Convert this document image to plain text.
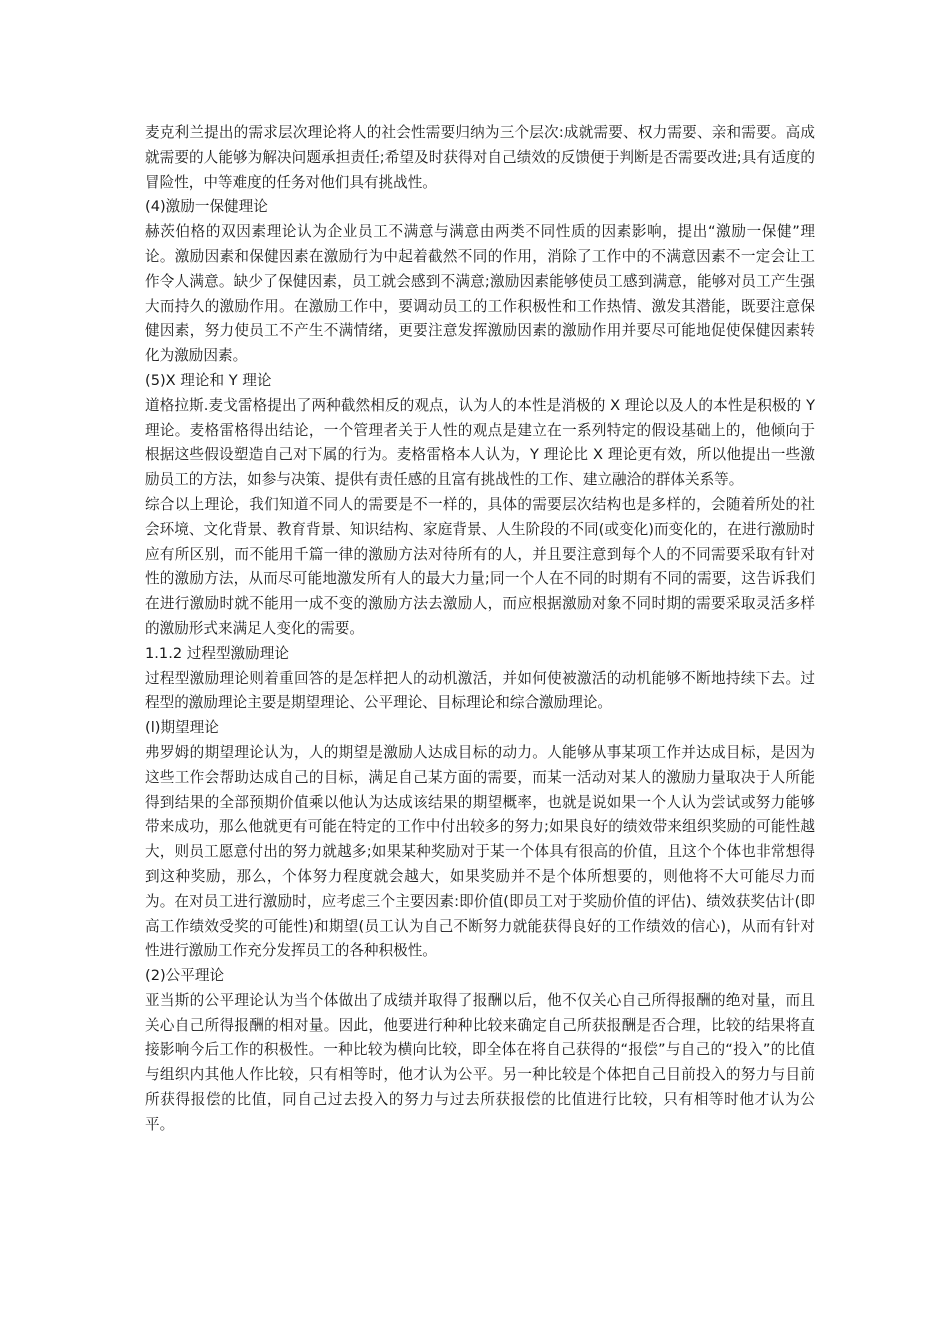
麦克利兰提出的需求层次理论将人的社会性需要归纳为三个层次:成就需要、权力需要、亲和需要。高成就需要的人能够为解决问题承担责任;希望及时获得对自己绩效的反馈便于判断是否需要改进;具有适度的冒险性，中等难度的任务对他们具有挑战性。

(4)激励一保健理论

赫茨伯格的双因素理论认为企业员工不满意与满意由两类不同性质的因素影响，提出“激励一保健”理论。激励因素和保健因素在激励行为中起着截然不同的作用，消除了工作中的不满意因素不一定会让工作令人满意。缺少了保健因素，员工就会感到不满意;激励因素能够使员工感到满意，能够对员工产生强大而持久的激励作用。在激励工作中，要调动员工的工作积极性和工作热情、激发其潜能，既要注意保健因素，努力使员工不产生不满情绪，更要注意发挥激励因素的激励作用并要尽可能地促使保健因素转化为激励因素。

(5)X 理论和 Y 理论

道格拉斯.麦戈雷格提出了两种截然相反的观点，认为人的本性是消极的 X 理论以及人的本性是积极的 Y 理论。麦格雷格得出结论，一个管理者关于人性的观点是建立在一系列特定的假设基础上的，他倾向于根据这些假设塑造自己对下属的行为。麦格雷格本人认为，Y 理论比 X 理论更有效，所以他提出一些激励员工的方法，如参与决策、提供有责任感的且富有挑战性的工作、建立融洽的群体关系等。

综合以上理论，我们知道不同人的需要是不一样的，具体的需要层次结构也是多样的，会随着所处的社会环境、文化背景、教育背景、知识结构、家庭背景、人生阶段的不同(或变化)而变化的，在进行激励时应有所区别，而不能用千篇一律的激励方法对待所有的人，并且要注意到每个人的不同需要采取有针对性的激励方法，从而尽可能地激发所有人的最大力量;同一个人在不同的时期有不同的需要，这告诉我们在进行激励时就不能用一成不变的激励方法去激励人，而应根据激励对象不同时期的需要采取灵活多样的激励形式来满足人变化的需要。

1.1.2 过程型激励理论

过程型激励理论则着重回答的是怎样把人的动机激活，并如何使被激活的动机能够不断地持续下去。过程型的激励理论主要是期望理论、公平理论、目标理论和综合激励理论。

(l)期望理论

弗罗姆的期望理论认为，人的期望是激励人达成目标的动力。人能够从事某项工作并达成目标，是因为这些工作会帮助达成自己的目标，满足自己某方面的需要，而某一活动对某人的激励力量取决于人所能得到结果的全部预期价值乘以他认为达成该结果的期望概率，也就是说如果一个人认为尝试或努力能够带来成功，那么他就更有可能在特定的工作中付出较多的努力;如果良好的绩效带来组织奖励的可能性越大，则员工愿意付出的努力就越多;如果某种奖励对于某一个体具有很高的价值，且这个个体也非常想得到这种奖励，那么，个体努力程度就会越大，如果奖励并不是个体所想要的，则他将不大可能尽力而为。在对员工进行激励时，应考虑三个主要因素:即价值(即员工对于奖励价值的评估)、绩效获奖估计(即高工作绩效受奖的可能性)和期望(员工认为自己不断努力就能获得良好的工作绩效的信心)，从而有针对性进行激励工作充分发挥员工的各种积极性。

(2)公平理论

亚当斯的公平理论认为当个体做出了成绩并取得了报酬以后，他不仅关心自己所得报酬的绝对量，而且关心自己所得报酬的相对量。因此，他要进行种种比较来确定自己所获报酬是否合理，比较的结果将直接影响今后工作的积极性。一种比较为横向比较，即全体在将自己获得的“报偿”与自己的“投入”的比值与组织内其他人作比较，只有相等时，他才认为公平。另一种比较是个体把自己目前投入的努力与目前所获得报偿的比值，同自己过去投入的努力与过去所获报偿的比值进行比较，只有相等时他才认为公平。
